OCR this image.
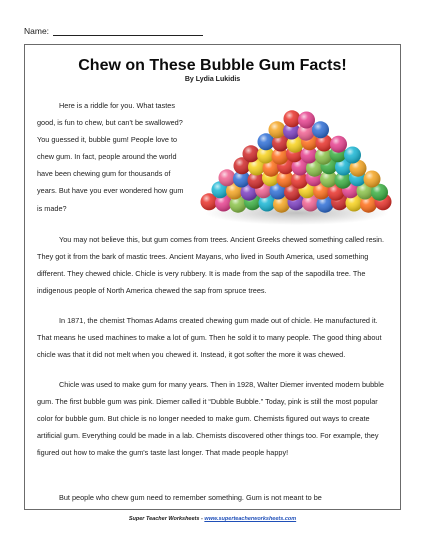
Name:
Chew on These Bubble Gum Facts!
By Lydia Lukidis

Here is a riddle for you. What tastes good, is fun to chew, but can't be swallowed? You guessed it, bubble gum! People love to chew gum. In fact, people around the world have been chewing gum for thousands of years. But have you ever wondered how gum is made?

You may not believe this, but gum comes from trees. Ancient Greeks chewed something called resin. They got it from the bark of mastic trees. Ancient Mayans, who lived in South America, used something different. They chewed chicle. Chicle is very rubbery. It is made from the sap of the sapodilla tree. The indigenous people of North America chewed the sap from spruce trees.

In 1871, the chemist Thomas Adams created chewing gum made out of chicle. He manufactured it. That means he used machines to make a lot of gum. Then he sold it to many people. The good thing about chicle was that it did not melt when you chewed it. Instead, it got softer the more it was chewed.

Chicle was used to make gum for many years. Then in 1928, Walter Diemer invented modern bubble gum. The first bubble gum was pink. Diemer called it “Dubble Bubble.” Today, pink is still the most popular color for bubble gum. But chicle is no longer needed to make gum. Chemists figured out ways to create artificial gum. Everything could be made in a lab. Chemists discovered other things too. For example, they figured out how to make the gum's taste last longer. That made people happy!

But people who chew gum need to remember something. Gum is not meant to be

Super Teacher Worksheets - www.superteacherworksheets.com
